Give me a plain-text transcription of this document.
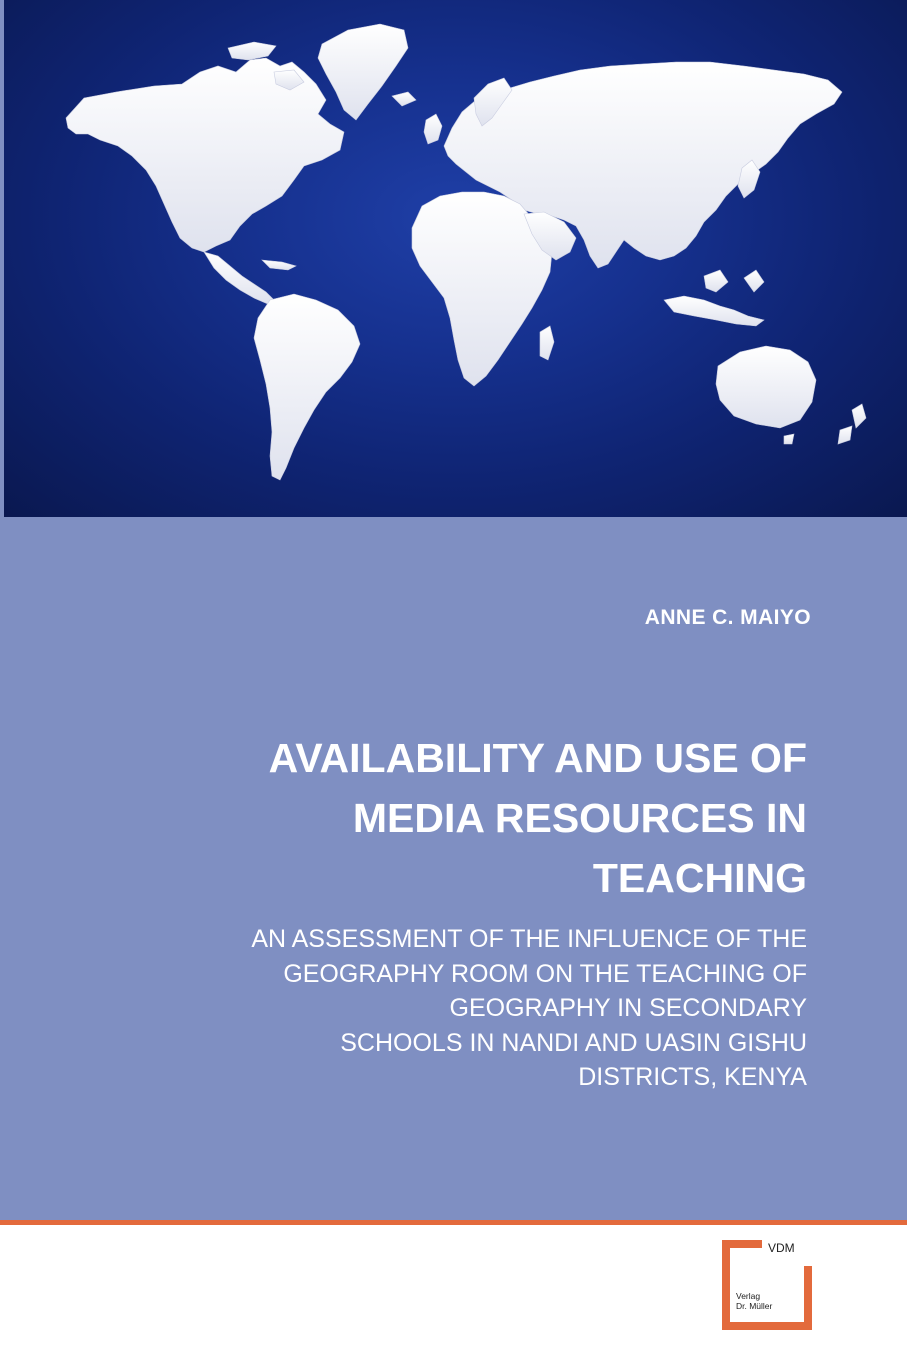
ANNE C. MAIYO
AVAILABILITY AND USE OF
MEDIA RESOURCES IN
TEACHING
AN ASSESSMENT OF THE INFLUENCE OF THE
GEOGRAPHY ROOM ON THE TEACHING OF
GEOGRAPHY IN SECONDARY
SCHOOLS IN NANDI AND UASIN GISHU
DISTRICTS, KENYA
VDM
Verlag
Dr. Müller
